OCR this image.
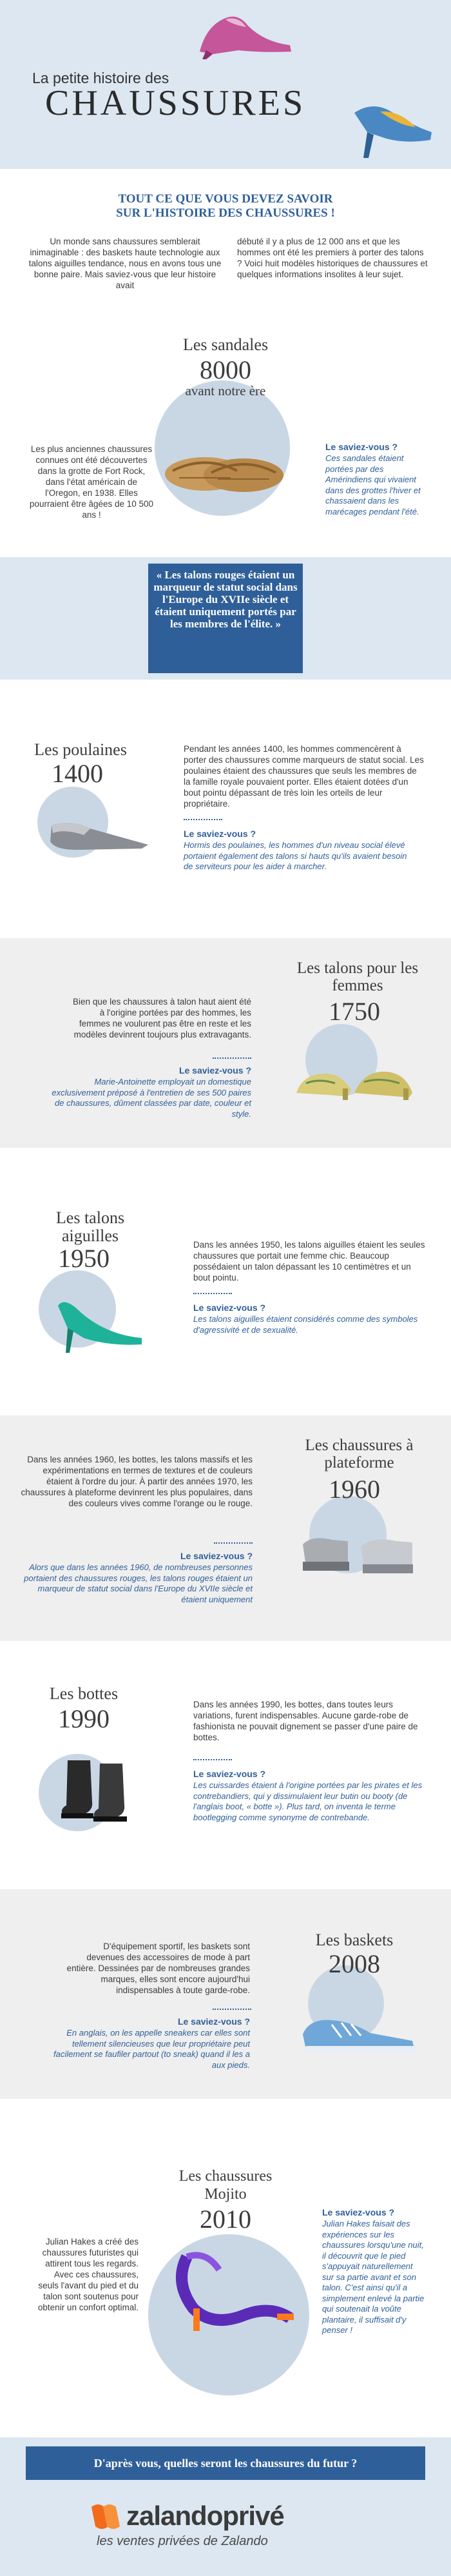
La petite histoire des
CHAUSSURES
TOUT CE QUE VOUS DEVEZ SAVOIR
SUR L'HISTOIRE DES CHAUSSURES !
Un monde sans chaussures semblerait inimaginable : des baskets haute technologie aux talons aiguilles tendance, nous en avons tous une bonne paire. Mais saviez-vous que leur histoire avait
débuté il y a plus de 12 000 ans et que les hommes ont été les premiers à porter des talons ? Voici huit modèles historiques de chaussures et quelques informations insolites à leur sujet.
Les sandales
8000
avant notre ère
Les plus anciennes chaussures connues ont été découvertes dans la grotte de Fort Rock, dans l'état américain de l'Oregon, en 1938. Elles pourraient être âgées de 10 500 ans !
Le saviez-vous ?
Ces sandales étaient portées par des Amérindiens qui vivaient dans des grottes l'hiver et chassaient dans les marécages pendant l'été.
« Les talons rouges étaient un marqueur de statut social dans l'Europe du XVIIe siècle et étaient uniquement portés par les membres de l'élite. »
Les poulaines
1400
Pendant les années 1400, les hommes commencèrent à porter des chaussures comme marqueurs de statut social. Les poulaines étaient des chaussures que seuls les membres de la famille royale pouvaient porter. Elles étaient dotées d'un bout pointu dépassant de très loin les orteils de leur propriétaire.
Le saviez-vous ?
Hormis des poulaines, les hommes d'un niveau social élevé portaient également des talons si hauts qu'ils avaient besoin de serviteurs pour les aider à marcher.
Les talons pour les femmes
1750
Bien que les chaussures à talon haut aient été à l'origine portées par des hommes, les femmes ne voulurent pas être en reste et les modèles devinrent toujours plus extravagants.
Le saviez-vous ?
Marie-Antoinette employait un domestique exclusivement préposé à l'entretien de ses 500 paires de chaussures, dûment classées par date, couleur et style.
Les talons aiguilles
1950	Dans les années 1950, les talons aiguilles étaient les seules chaussures que portait une femme chic. Beaucoup possédaient un talon dépassant les 10 centimètres et un bout pointu.
Le saviez-vous ?
Les talons aiguilles étaient considérés comme des symboles d'agressivité et de sexualité.
Les chaussures à plateforme
1960
Dans les années 1960, les bottes, les talons massifs et les expérimentations en termes de textures et de couleurs étaient à l'ordre du jour. À partir des années 1970, les chaussures à plateforme devinrent les plus populaires, dans des couleurs vives comme l'orange ou le rouge.
Le saviez-vous ?
Alors que dans les années 1960, de nombreuses personnes portaient des chaussures rouges, les talons rouges étaient un marqueur de statut social dans l'Europe du XVIIe siècle et étaient uniquement
Les bottes
1990	Dans les années 1990, les bottes, dans toutes leurs variations, furent indispensables. Aucune garde-robe de fashionista ne pouvait dignement se passer d'une paire de bottes.
Le saviez-vous ?
Les cuissardes étaient à l'origine portées par les pirates et les contrebandiers, qui y dissimulaient leur butin ou booty (de l'anglais boot, « botte »). Plus tard, on inventa le terme bootlegging comme synonyme de contrebande.
Les baskets
2008
D'équipement sportif, les baskets sont devenues des accessoires de mode à part entière. Dessinées par de nombreuses grandes marques, elles sont encore aujourd'hui indispensables à toute garde-robe.
Le saviez-vous ?
En anglais, on les appelle sneakers car elles sont tellement silencieuses que leur propriétaire peut facilement se faufiler partout (to sneak) quand il les a aux pieds.
Les chaussures
Mojito
2010
Julian Hakes a créé des chaussures futuristes qui attirent tous les regards. Avec ces chaussures, seuls l'avant du pied et du talon sont soutenus pour obtenir un confort optimal.
Le saviez-vous ?
Julian Hakes faisait des expériences sur les chaussures lorsqu'une nuit, il découvrit que le pied s'appuyait naturellement sur sa partie avant et son talon. C'est ainsi qu'il a simplement enlevé la partie qui soutenait la voûte plantaire, il suffisait d'y penser !
D'après vous, quelles seront les chaussures du futur ?
zalandoprivé
les ventes privées de Zalando
